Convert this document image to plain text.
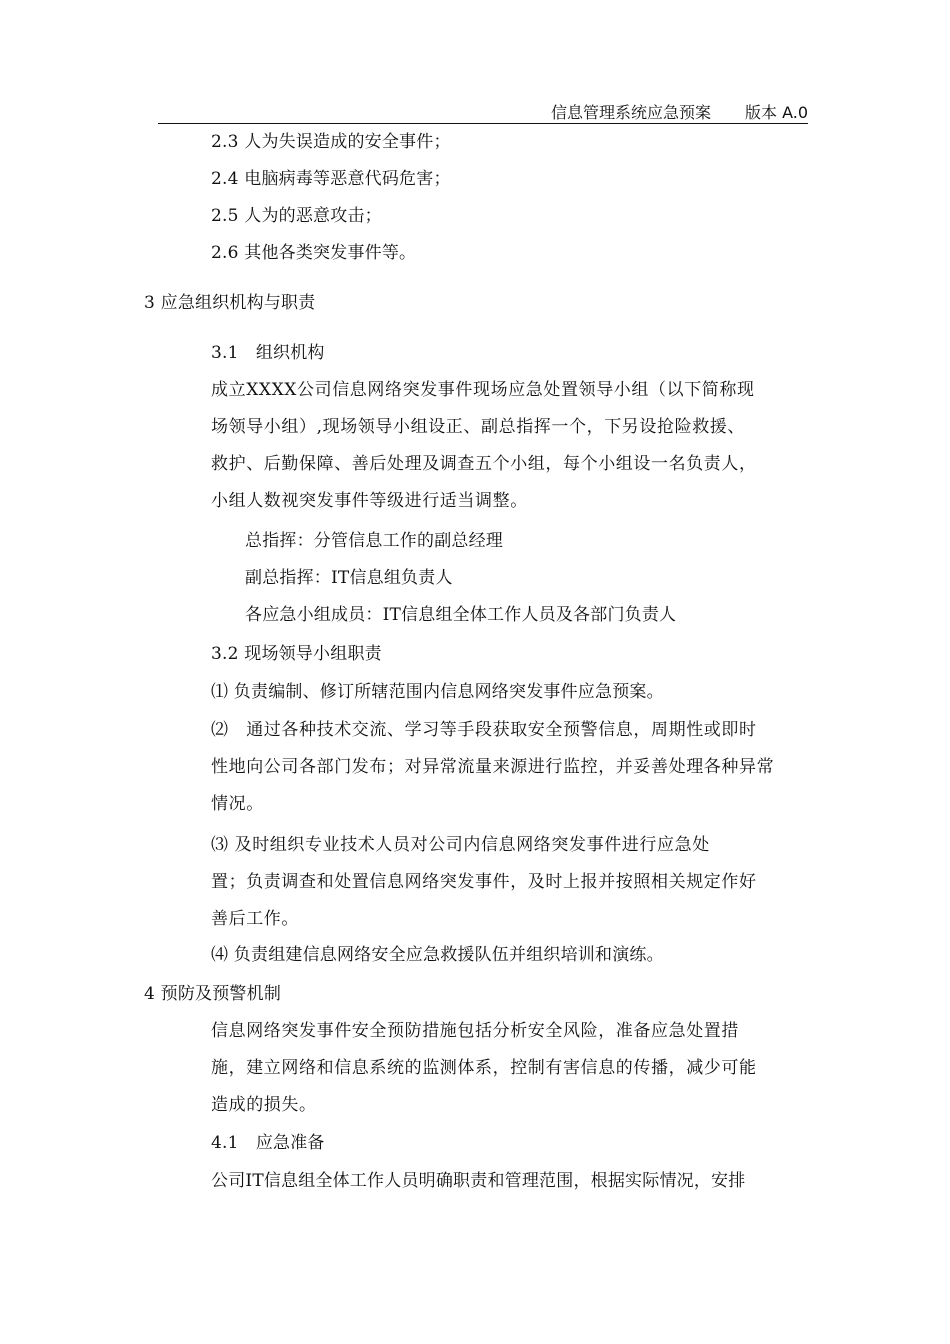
信息管理系统应急预案 版本 A.0
2.3 人为失误造成的安全事件；
2.4 电脑病毒等恶意代码危害；
2.5 人为的恶意攻击；
2.6 其他各类突发事件等。
3 应急组织机构与职责
3.1　组织机构
成立XXXX公司信息网络突发事件现场应急处置领导小组（以下简称现
场领导小组）,现场领导小组设正、副总指挥一个，下另设抢险救援、
救护、后勤保障、善后处理及调查五个小组，每个小组设一名负责人，
小组人数视突发事件等级进行适当调整。
总指挥：分管信息工作的副总经理
副总指挥：IT信息组负责人
各应急小组成员：IT信息组全体工作人员及各部门负责人
3.2 现场领导小组职责
⑴ 负责编制、修订所辖范围内信息网络突发事件应急预案。
⑵　通过各种技术交流、学习等手段获取安全预警信息，周期性或即时
性地向公司各部门发布；对异常流量来源进行监控，并妥善处理各种异常
情况。
⑶ 及时组织专业技术人员对公司内信息网络突发事件进行应急处
置；负责调查和处置信息网络突发事件，及时上报并按照相关规定作好
善后工作。
⑷ 负责组建信息网络安全应急救援队伍并组织培训和演练。
4 预防及预警机制
信息网络突发事件安全预防措施包括分析安全风险，准备应急处置措
施，建立网络和信息系统的监测体系，控制有害信息的传播，减少可能
造成的损失。
4.1　应急准备
公司IT信息组全体工作人员明确职责和管理范围，根据实际情况，安排
